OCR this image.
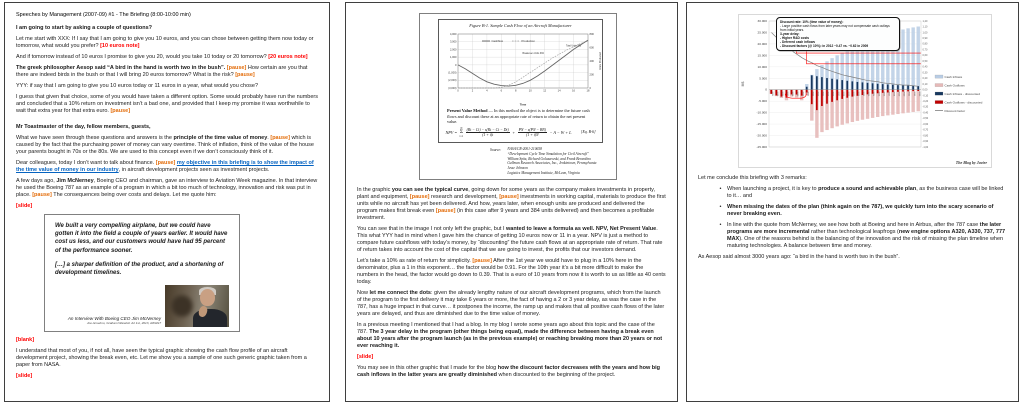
Speeches by Management (2007-09) #1 - The Briefing (8:00-10:00 min)

I am going to start by asking a couple of questions?

Let me start with XXX: If I say that I am going to give you 10 euros, and you can chose between getting them now today or tomorrow, what would you prefer? [10 euros note]

And if tomorrow instead of 10 euros I promise to give you 20, would you take 10 today or 20 tomorrow? [20 euros note]

The greek philosopher Aesop said “A bird in the hand is worth two in the bush”. [pause] How certain are you that there are indeed birds in the bush or that I will bring 20 euros tomorrow? What is the risk? [pause]

YYY: if say that I am going to give you 10 euros today or 11 euros in a year, what would you chose?

I guess that given that choice, some of you would have taken a different option. Some would probably have run the numbers and concluded that a 10% return on investment isn’t a bad one, and provided that I keep my promise it was worthwhile to wait that extra year for that extra euro. [pause]

Mr Toastmaster of the day, fellow members, guests,

What we have seen through these questions and answers is the principle of the time value of money. [pause] which is caused by the fact that the purchasing power of money can vary overtime. Think of inflation, think of the value of the house your parents bought in 70s or the 80s. We are used to this concept even if we don’t consciously think of it.

Dear colleagues, today I don’t want to talk about finance. [pause] my objective in this briefing is to show the impact of the time value of money in our industry, in aircraft development projects seen as investment projects.

A few days ago, Jim McNerney, Boeing CEO and chairman, gave an interview to Aviation Week magazine. In that interview he used the Boeing 787 as an example of a program in which a bit too much of technology, innovation and risk was put in place. [pause] The consequences being over costs and delays. Let me quote him:

[slide]

We built a very compelling airplane, but we could have gotten it into the field a couple of years earlier. It would have cost us less, and our customers would have had 95 percent of the performance sooner.

[…] a sharper definition of the product, and a shortening of development timelines.

An Interview With Boeing CEO Jim McNerney
Joe Anselmo, Graham Warwick Jul 1st, 2013, AW&ST

[blank]

I understand that most of you, if not all, have seen the typical graphic showing the cash flow profile of an aircraft development project, showing the break even, etc. Let me show you a sample of one such generic graphic taken from a paper from NASA.

[slide]

Figure B-1. Sample Cash Flow of an Aircraft Manufacturer
4,000
3,000
2,000
1,000
0
(1,000)
(2,000)
(3,000)
800
600
400
200
0
0	2	4	6	8	10	12	14	16	18
Time
Units Produced
Cashflow	Production
Breakeven Units 384
Total Units 700

Present Value Method — In this method the object is to determine the future cash flows and discount these at an appropriate rate of return to obtain the net present value.

NPV =
N
Σ
$t=1 \frac{(Rt - Ct) - s(Rt - Ct - Dt)}{(1 + i)t} + \frac{PN - s(PN - BN)}{(1 + i)N} - A - W + L$	[Eq. B-6]
Source: NASA/CR-2001-210658
“Development Cycle Time Simulation for Civil Aircraft”
William Spitz, Richard Golaszewski, and Frank Berardino
Gellman Research Associates, Inc., Jenkintown, Pennsylvania
Jesse Johnson
Logistics Management Institute, McLean, Virginia

In the graphic you can see the typical curve, going down for some years as the company makes investments in property, plant and equipment, [pause] research and development, [pause] investments in working capital, materials to produce the first units while no aircraft has yet been delivered. And how, years later, when enough units are produced and delivered the program makes first break even [pause] (in this case after 9 years and 384 units delivered) and then becomes a profitable investment.

You can see that in the image I not only left the graphic, but I wanted to leave a formula as well. NPV, Net Present Value. This what YYY had in mind when I gave him the chance of getting 10 euros now or 11 in a year. NPV is just a method to compare future cashflows with today’s money, by “discounting” the future cash flows at an appropriate rate of return. That rate of return takes into account the cost of the capital that we are going to invest, the profits that our investors demand.

Let’s take a 10% as rate of return for simplicity. [pause] After the 1st year we would have to plug in a 10% here in the denominator, plus a 1 in this exponent… the factor would be 0.91. For the 10th year it’s a bit more difficult to make the numbers in the head, the factor would go down to 0.39. That is a euro of 10 years from now it is worth to us as little as 40 cents today.

Now let me connect the dots: given the already lengthy nature of our aircraft development programs, which from the launch of the program to the first delivery it may take 6 years or more, the fact of having a 2 or 3 year delay, as was the case in the 787, has a huge impact in that curve… it postpones the income, the ramp up and makes that all positive cash flows of the later years are delayed, and thus are diminished due to the time value of money.

In a previous meeting I mentioned that I had a blog. In my blog I wrote some years ago about this topic and the case of the 787. The 3 year delay in the program (other things being equal), made the difference between having a break even about 10 years after the program launch (as in the previous example) or reaching breaking more than 20 years or not ever reaching it.

[slide]

You may see in this other graphic that I made for the blog how the discount factor decreases with the years and how big cash inflows in the latter years are greatly diminished when discounted to the beginning of the project.

30.000
25.000
20.000
15.000
10.000
5.000
0
-5.000
-10.000
-15.000
-20.000
-25.000
1,20
1,10
1,00
0,90
0,80
0,70
0,60
0,50
0,40
0,30
0,20
0,10
0,00
-0,10
-0,20
-0,30
-0,40
-0,50
-0,60
-0,70
-0,80
-0,90
-1,00
2004 2005 2006 2007 2008 2009 2010 2011 2012 2013 2014 2015 2016 2017 2018 2019 2020 2021 2022 2023 2024 2025 2026 2027 2028 2029 2030 2031 2032 2033
M$
Cash Inflows
Cash Outflows
Cash Inflows - discounted
Cash Outflows - discounted
Discount factor
Discount rate: 10% (time value of money):
- Large positive cash flows from later years may not compensate cash outlays from initial years.
3-year delay:
- Higher R&D costs
- Deferred cash inflows
- Discount factors (@ 10%): in 2012 ~0.47 vs. ~0.62 in 2009
The Blog by Javier

Let me conclude this briefing with 3 remarks:

•	When launching a project, it is key to produce a sound and achievable plan, as the business case will be linked to it… and
•	When missing the dates of the plan (think again on the 787), we quickly turn into the scary scenario of never breaking even.
•	In line with the quote from McNerney, we see how both at Boeing and here in Airbus, after the 787 case the later programs are more incremental rather than technological leapfrogs (new engine options A320, A330, 737, 777 MAX). One of the reasons behind is the balancing of the innovation and the risk of missing the plan timeline when maturing technologies. A balance between time and money.

As Aesop said almost 3000 years ago: “a bird in the hand is worth two in the bush”.
